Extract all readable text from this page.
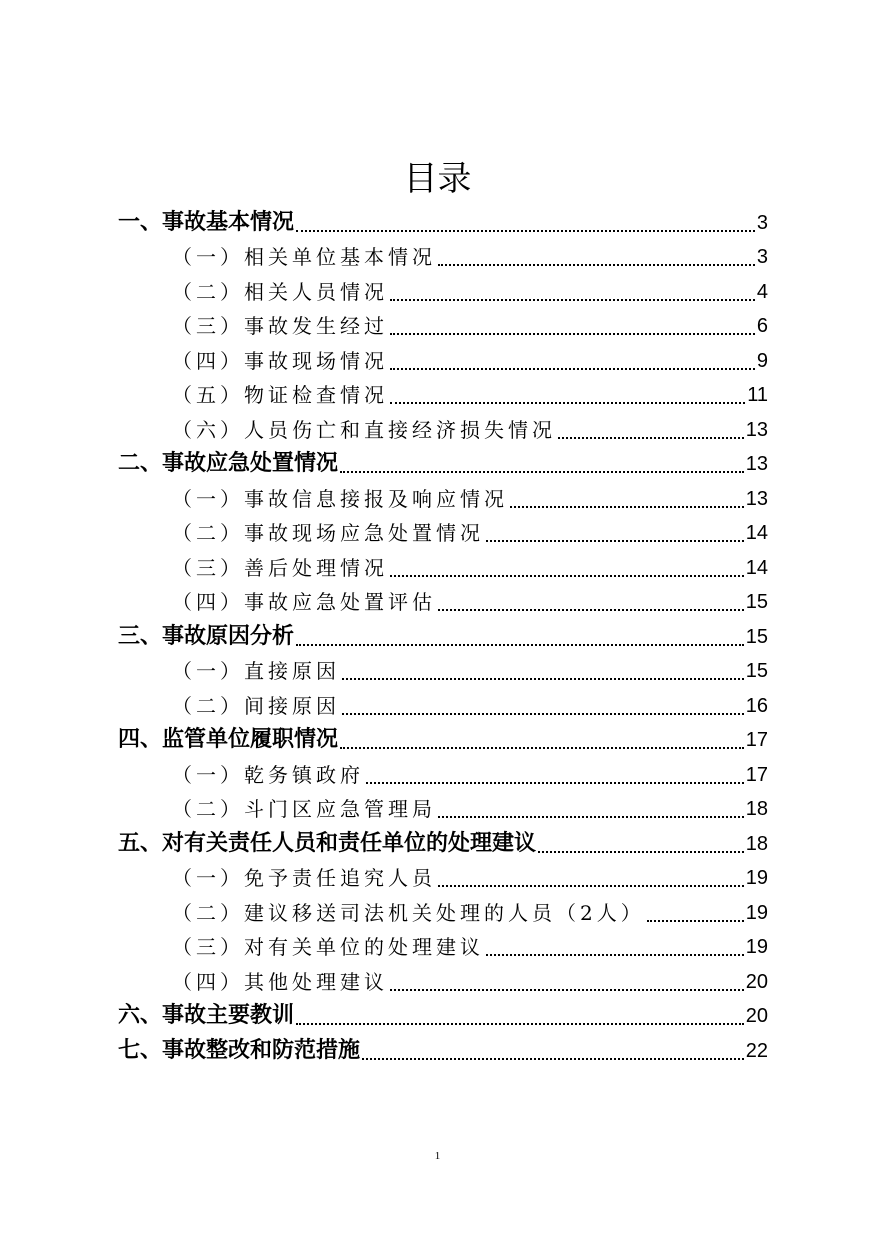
目录
一、事故基本情况	3
（一）相关单位基本情况	3
（二）相关人员情况	4
（三）事故发生经过	6
（四）事故现场情况	9
（五）物证检查情况	11
（六）人员伤亡和直接经济损失情况	13
二、事故应急处置情况	13
（一）事故信息接报及响应情况	13
（二）事故现场应急处置情况	14
（三）善后处理情况	14
（四）事故应急处置评估	15
三、事故原因分析	15
（一）直接原因	15
（二）间接原因	16
四、监管单位履职情况	17
（一）乾务镇政府	17
（二）斗门区应急管理局	18
五、对有关责任人员和责任单位的处理建议	18
（一）免予责任追究人员	19
（二）建议移送司法机关处理的人员（2人）	19
（三）对有关单位的处理建议	19
（四）其他处理建议	20
六、事故主要教训	20
七、事故整改和防范措施	22
1
